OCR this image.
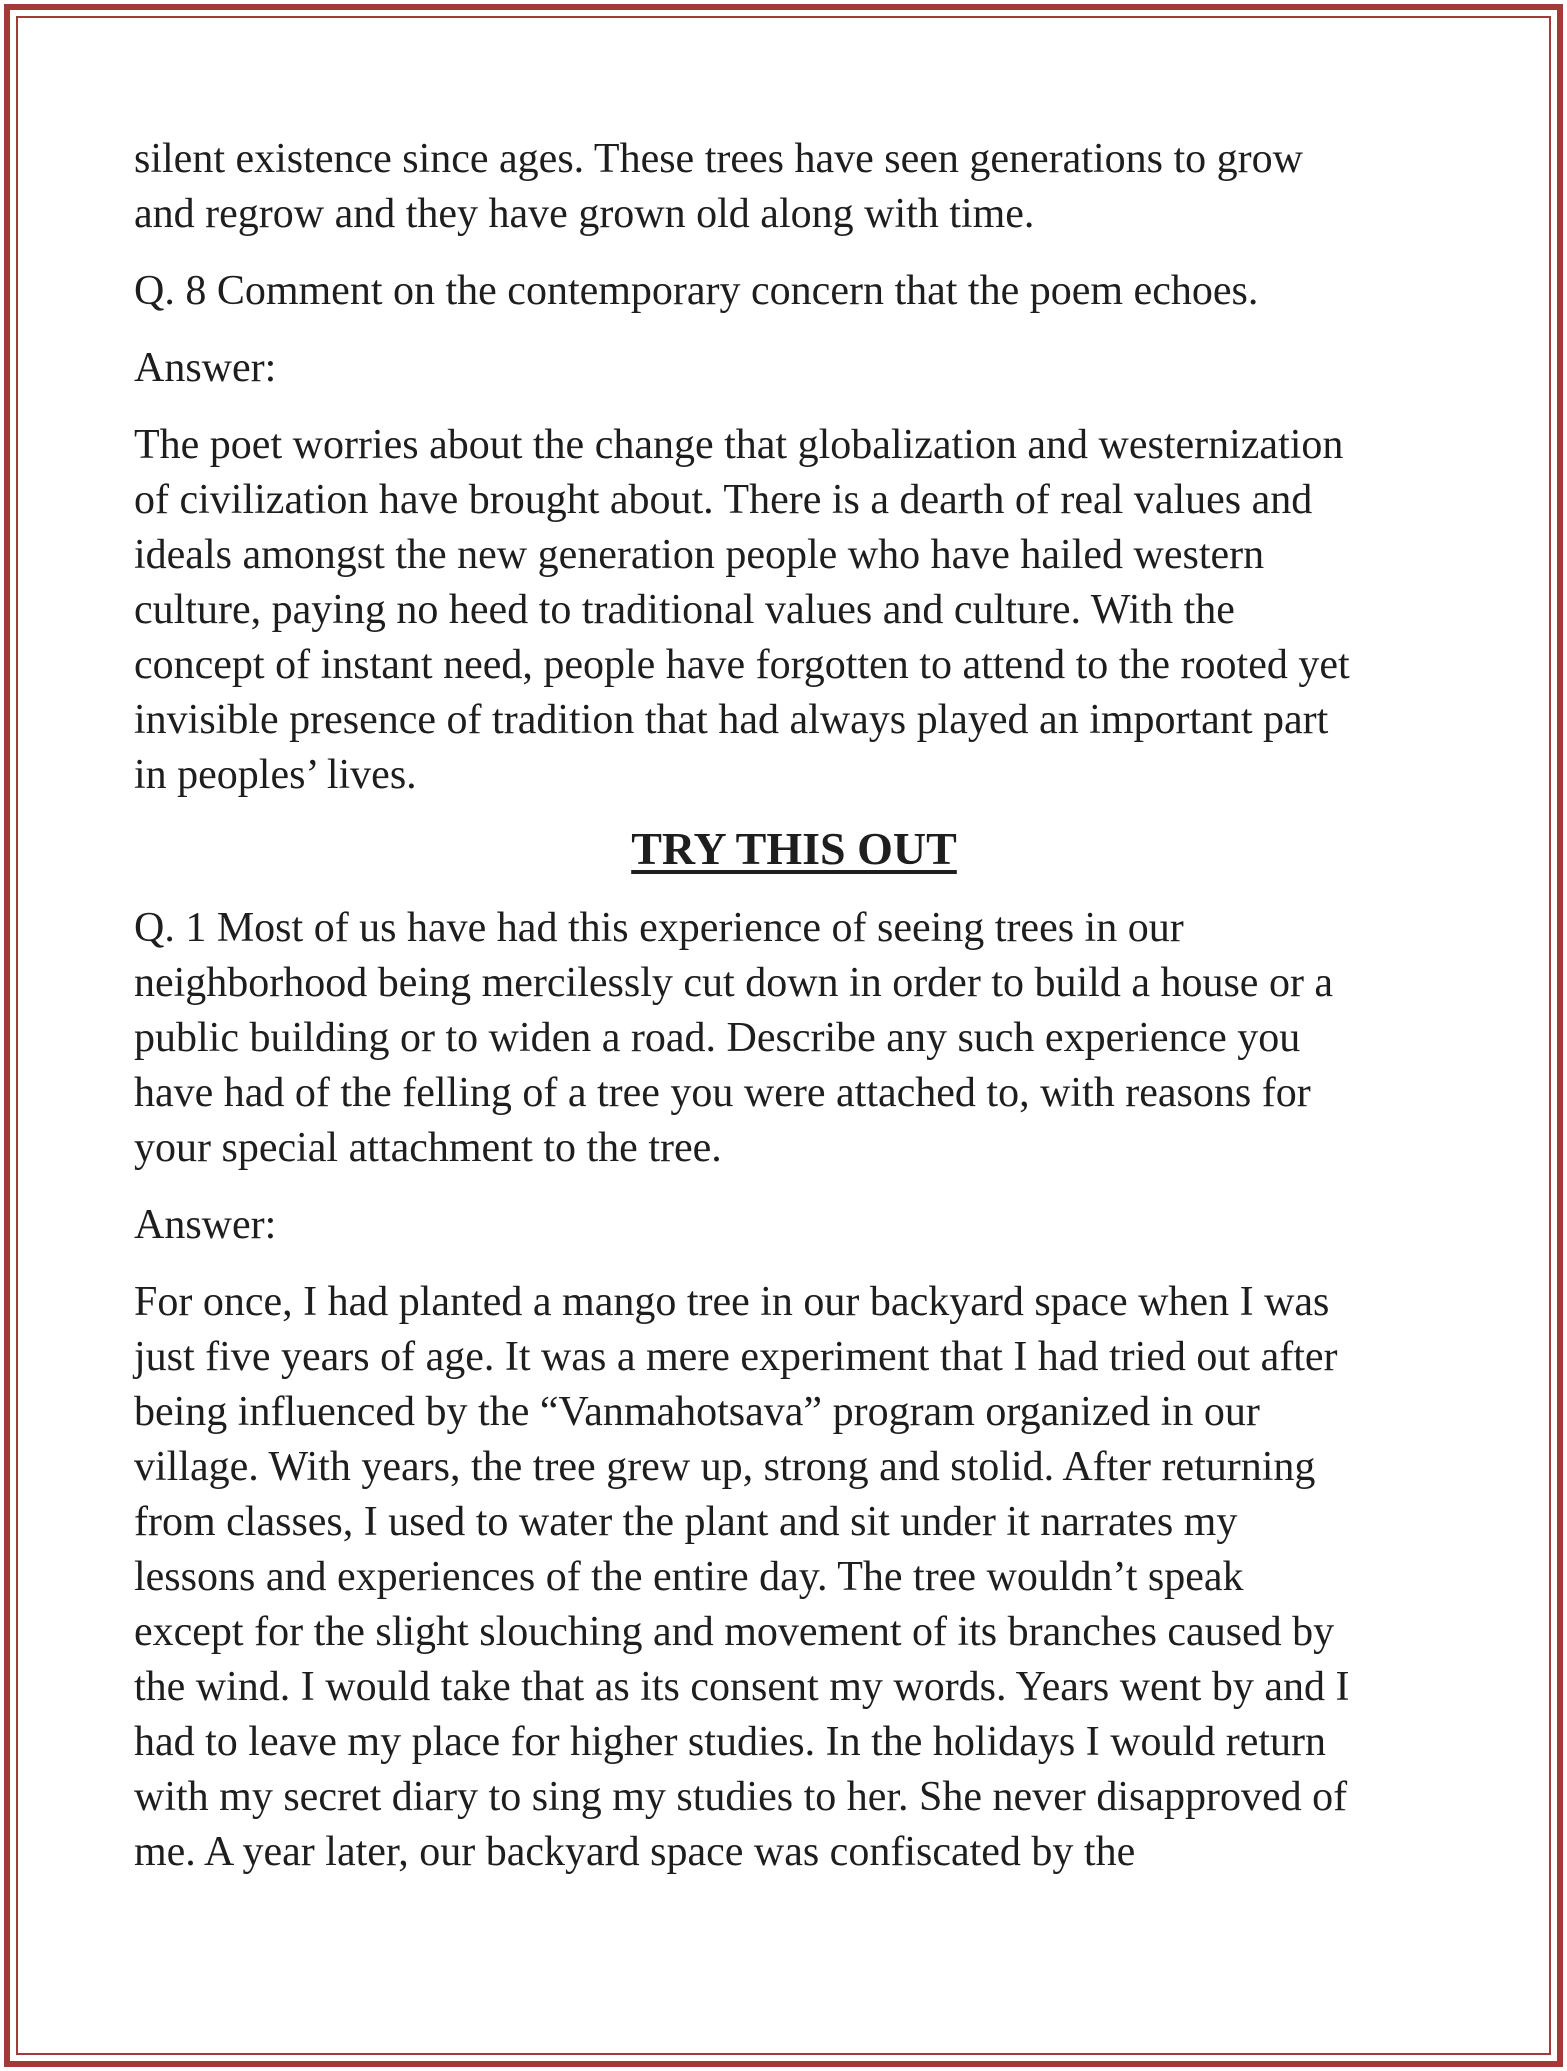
silent existence since ages. These trees have seen generations to grow
and regrow and they have grown old along with time.

Q. 8 Comment on the contemporary concern that the poem echoes.

Answer:

The poet worries about the change that globalization and westernization
of civilization have brought about. There is a dearth of real values and
ideals amongst the new generation people who have hailed western
culture, paying no heed to traditional values and culture. With the
concept of instant need, people have forgotten to attend to the rooted yet
invisible presence of tradition that had always played an important part
in peoples’ lives.

TRY THIS OUT

Q. 1 Most of us have had this experience of seeing trees in our
neighborhood being mercilessly cut down in order to build a house or a
public building or to widen a road. Describe any such experience you
have had of the felling of a tree you were attached to, with reasons for
your special attachment to the tree.

Answer:

For once, I had planted a mango tree in our backyard space when I was
just five years of age. It was a mere experiment that I had tried out after
being influenced by the “Vanmahotsava” program organized in our
village. With years, the tree grew up, strong and stolid. After returning
from classes, I used to water the plant and sit under it narrates my
lessons and experiences of the entire day. The tree wouldn’t speak
except for the slight slouching and movement of its branches caused by
the wind. I would take that as its consent my words. Years went by and I
had to leave my place for higher studies. In the holidays I would return
with my secret diary to sing my studies to her. She never disapproved of
me. A year later, our backyard space was confiscated by the
